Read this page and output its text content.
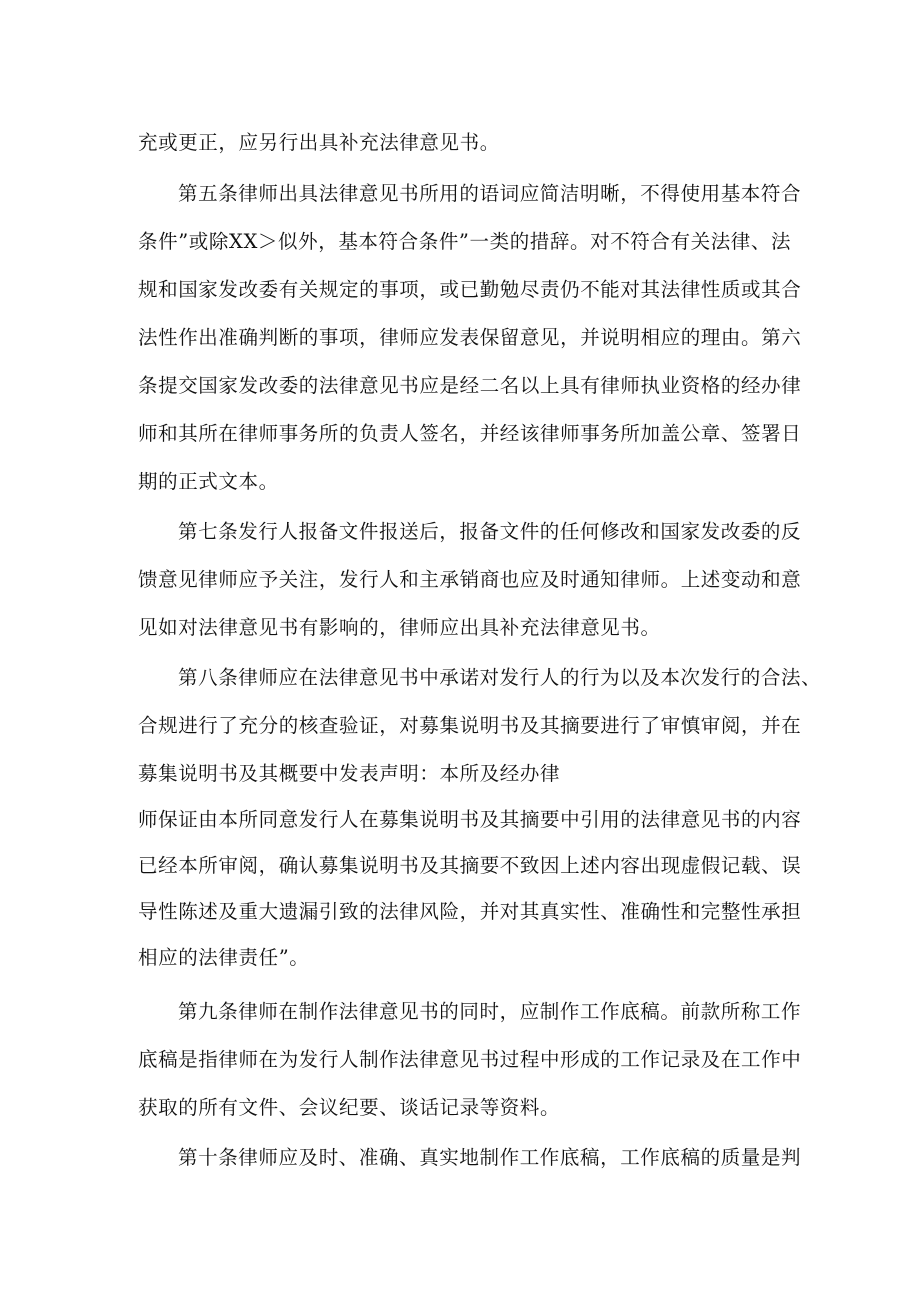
充或更正，应另行出具补充法律意见书。
第五条律师出具法律意见书所用的语词应简洁明晰，不得使用基本符合
条件”或除XX＞似外，基本符合条件”一类的措辞。对不符合有关法律、法
规和国家发改委有关规定的事项，或已勤勉尽责仍不能对其法律性质或其合
法性作出准确判断的事项，律师应发表保留意见，并说明相应的理由。第六
条提交国家发改委的法律意见书应是经二名以上具有律师执业资格的经办律
师和其所在律师事务所的负责人签名，并经该律师事务所加盖公章、签署日
期的正式文本。
第七条发行人报备文件报送后，报备文件的任何修改和国家发改委的反
馈意见律师应予关注，发行人和主承销商也应及时通知律师。上述变动和意
见如对法律意见书有影响的，律师应出具补充法律意见书。
第八条律师应在法律意见书中承诺对发行人的行为以及本次发行的合法、
合规进行了充分的核查验证，对募集说明书及其摘要进行了审慎审阅，并在
募集说明书及其概要中发表声明：本所及经办律
师保证由本所同意发行人在募集说明书及其摘要中引用的法律意见书的内容
已经本所审阅，确认募集说明书及其摘要不致因上述内容出现虚假记载、误
导性陈述及重大遗漏引致的法律风险，并对其真实性、准确性和完整性承担
相应的法律责任”。
第九条律师在制作法律意见书的同时，应制作工作底稿。前款所称工作
底稿是指律师在为发行人制作法律意见书过程中形成的工作记录及在工作中
获取的所有文件、会议纪要、谈话记录等资料。
第十条律师应及时、准确、真实地制作工作底稿，工作底稿的质量是判
